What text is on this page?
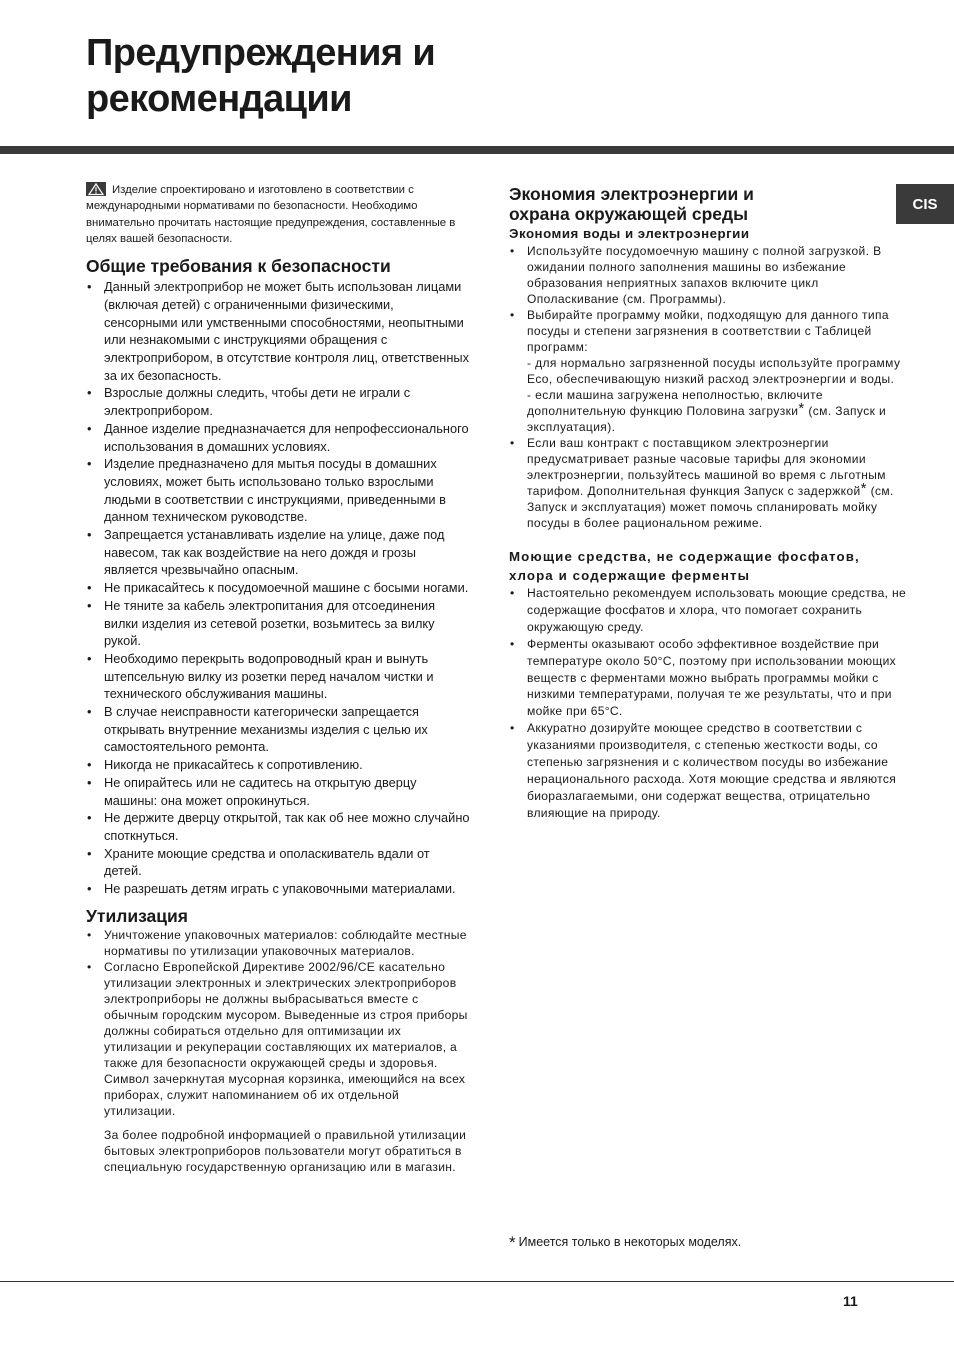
Предупреждения и
рекомендации
CIS

Изделие спроектировано и изготовлено в соответствии с международными нормативами по безопасности. Необходимо внимательно прочитать настоящие предупреждения, составленные в целях вашей безопасности.

Общие требования к безопасности
• Данный электроприбор не может быть использован лицами (включая детей) с ограниченными физическими, сенсорными или умственными способностями, неопытными или незнакомыми с инструкциями обращения с электроприбором, в отсутствие контроля лиц, ответственных за их безопасность.
• Взрослые должны следить, чтобы дети не играли с электроприбором.
• Данное изделие предназначается для непрофессионального использования в домашних условиях.
• Изделие предназначено для мытья посуды в домашних условиях, может быть использовано только взрослыми людьми в соответствии с инструкциями, приведенными в данном техническом руководстве.
• Запрещается устанавливать изделие на улице, даже под навесом, так как воздействие на него дождя и грозы является чрезвычайно опасным.
• Не прикасайтесь к посудомоечной машине с босыми ногами.
• Не тяните за кабель электропитания для отсоединения вилки изделия из сетевой розетки, возьмитесь за вилку рукой.
• Необходимо перекрыть водопроводный кран и вынуть штепсельную вилку из розетки перед началом чистки и технического обслуживания машины.
• В случае неисправности категорически запрещается открывать внутренние механизмы изделия с целью их самостоятельного ремонта.
• Никогда не прикасайтесь к сопротивлению.
• Не опирайтесь или не садитесь на открытую дверцу машины: она может опрокинуться.
• Не держите дверцу открытой, так как об нее можно случайно споткнуться.
• Храните моющие средства и ополаскиватель вдали от детей.
• Не разрешать детям играть с упаковочными материалами.
Утилизация
• Уничтожение упаковочных материалов: соблюдайте местные нормативы по утилизации упаковочных материалов.
• Согласно Европейской Директиве 2002/96/CE касательно утилизации электронных и электрических электроприборов электроприборы не должны выбрасываться вместе с обычным городским мусором. Выведенные из строя приборы должны собираться отдельно для оптимизации их утилизации и рекуперации составляющих их материалов, а также для безопасности окружающей среды и здоровья. Символ зачеркнутая мусорная корзинка, имеющийся на всех приборах, служит напоминанием об их отдельной утилизации.

За более подробной информацией о правильной утилизации бытовых электроприборов пользователи могут обратиться в специальную государственную организацию или в магазин.

Экономия электроэнергии и
охрана окружающей среды
Экономия воды и электроэнергии
• Используйте посудомоечную машину с полной загрузкой. В ожидании полного заполнения машины во избежание образования неприятных запахов включите цикл Ополаскивание (см. Программы).
• Выбирайте программу мойки, подходящую для данного типа посуды и степени загрязнения в соответствии с Таблицей программ:
- для нормально загрязненной посуды используйте программу Eco, обеспечивающую низкий расход электроэнергии и воды.
- если машина загружена неполностью, включите дополнительную функцию Половина загрузки* (см. Запуск и эксплуатация).
• Если ваш контракт с поставщиком электроэнергии предусматривает разные часовые тарифы для экономии электроэнергии, пользуйтесь машиной во время с льготным тарифом. Дополнительная функция Запуск с задержкой* (см. Запуск и эксплуатация) может помочь спланировать мойку посуды в более рациональном режиме.
Моющие средства, не содержащие фосфатов, хлора и содержащие ферменты
• Настоятельно рекомендуем использовать моющие средства, не содержащие фосфатов и хлора, что помогает сохранить окружающую среду.
• Ферменты оказывают особо эффективное воздействие при температуре около 50°C, поэтому при использовании моющих веществ с ферментами можно выбрать программы мойки с низкими температурами, получая те же результаты, что и при мойке при 65°C.
• Аккуратно дозируйте моющее средство в соответствии с указаниями производителя, с степенью жесткости воды, со степенью загрязнения и с количеством посуды во избежание нерационального расхода. Хотя моющие средства и являются биоразлагаемыми, они содержат вещества, отрицательно влияющие на природу.
* Имеется только в некоторых моделях.
11
